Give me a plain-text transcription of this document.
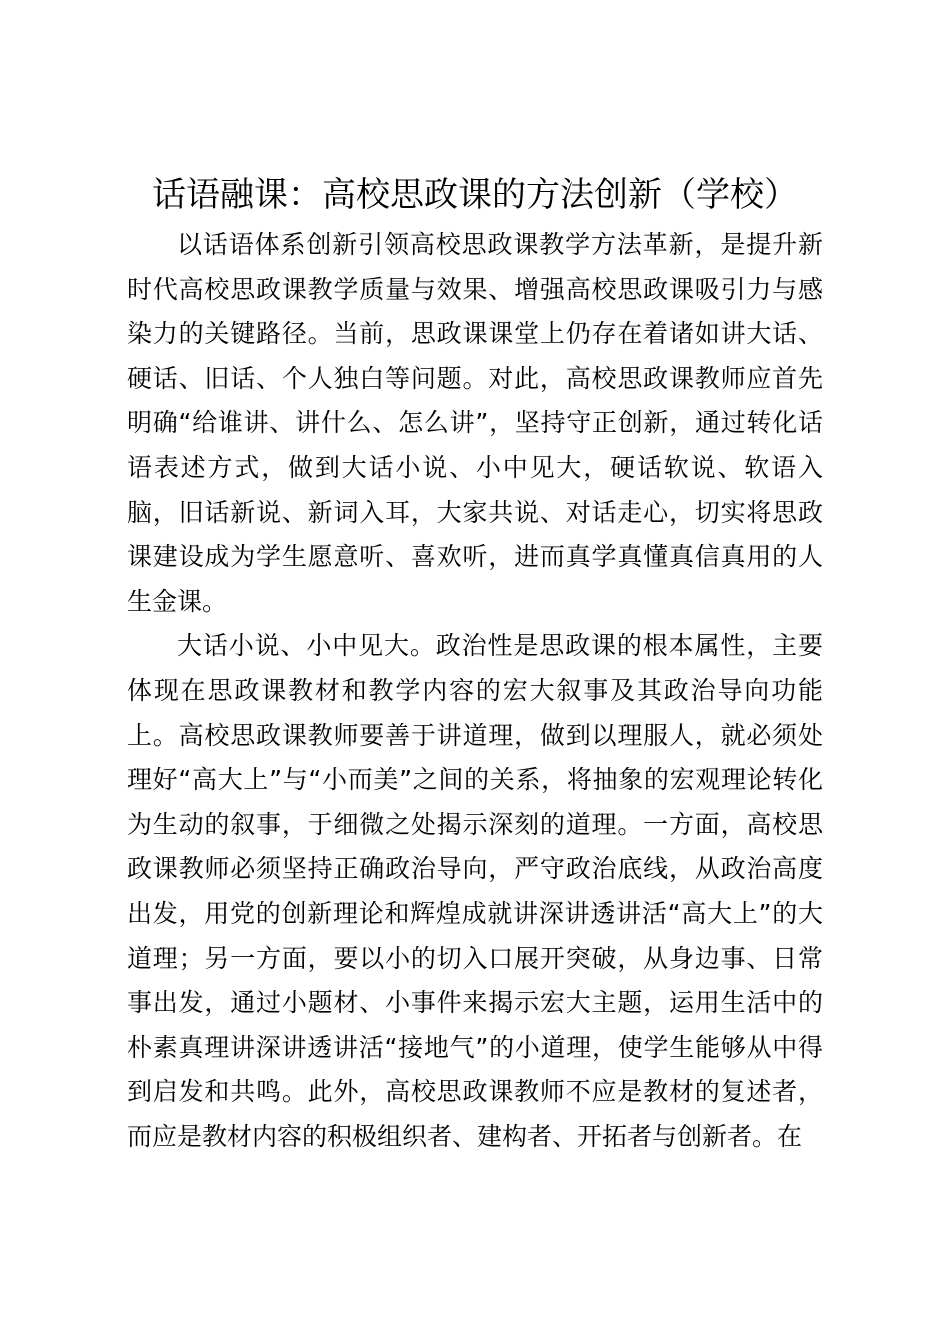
话语融课：高校思政课的方法创新（学校）

以话语体系创新引领高校思政课教学方法革新，是提升新时代高校思政课教学质量与效果、增强高校思政课吸引力与感染力的关键路径。当前，思政课课堂上仍存在着诸如讲大话、硬话、旧话、个人独白等问题。对此，高校思政课教师应首先明确“给谁讲、讲什么、怎么讲”，坚持守正创新，通过转化话语表述方式，做到大话小说、小中见大，硬话软说、软语入脑，旧话新说、新词入耳，大家共说、对话走心，切实将思政课建设成为学生愿意听、喜欢听，进而真学真懂真信真用的人生金课。

大话小说、小中见大。政治性是思政课的根本属性，主要体现在思政课教材和教学内容的宏大叙事及其政治导向功能上。高校思政课教师要善于讲道理，做到以理服人，就必须处理好“高大上”与“小而美”之间的关系，将抽象的宏观理论转化为生动的叙事，于细微之处揭示深刻的道理。一方面，高校思政课教师必须坚持正确政治导向，严守政治底线，从政治高度出发，用党的创新理论和辉煌成就讲深讲透讲活“高大上”的大道理；另一方面，要以小的切入口展开突破，从身边事、日常事出发，通过小题材、小事件来揭示宏大主题，运用生活中的朴素真理讲深讲透讲活“接地气”的小道理，使学生能够从中得到启发和共鸣。此外，高校思政课教师不应是教材的复述者，而应是教材内容的积极组织者、建构者、开拓者与创新者。在
